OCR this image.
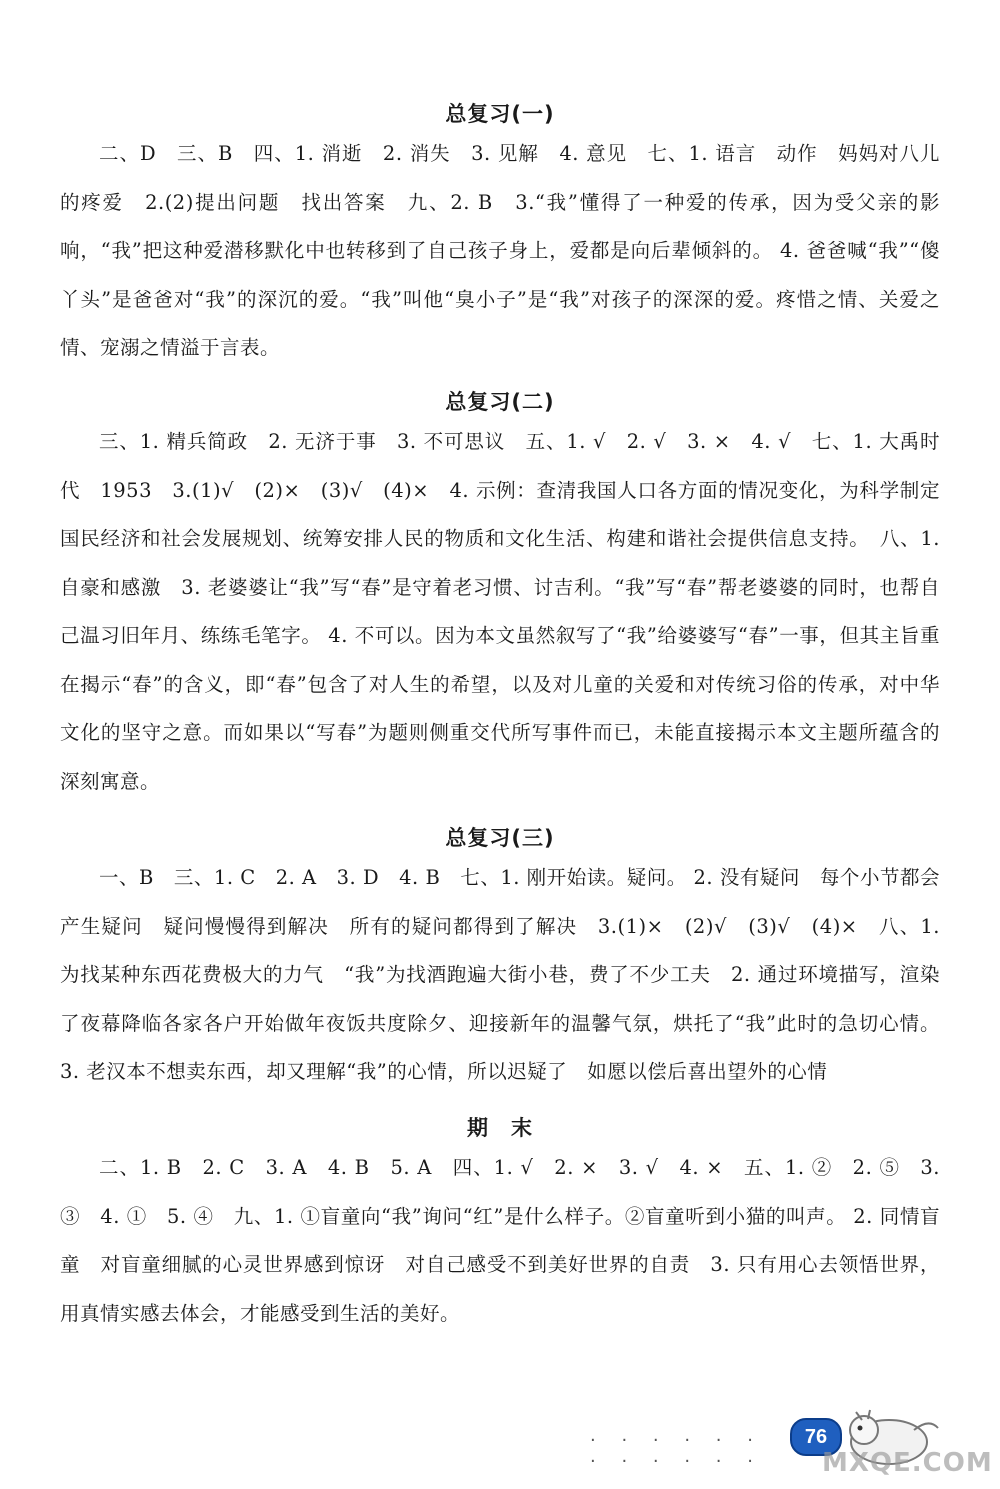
总复习(一)

二、D　三、B　四、1. 消逝　2. 消失　3. 见解　4. 意见　七、1. 语言　动作　妈妈对八儿的疼爱　2.(2)提出问题　找出答案　九、2. B　3.“我”懂得了一种爱的传承，因为受父亲的影响，“我”把这种爱潜移默化中也转移到了自己孩子身上，爱都是向后辈倾斜的。 4. 爸爸喊“我”“傻丫头”是爸爸对“我”的深沉的爱。“我”叫他“臭小子”是“我”对孩子的深深的爱。疼惜之情、关爱之情、宠溺之情溢于言表。

总复习(二)

三、1. 精兵简政　2. 无济于事　3. 不可思议　五、1. √　2. √　3. ×　4. √　七、1. 大禹时代　1953　3.(1)√　(2)×　(3)√　(4)×　4. 示例：查清我国人口各方面的情况变化，为科学制定国民经济和社会发展规划、统筹安排人民的物质和文化生活、构建和谐社会提供信息支持。　八、1. 自豪和感激　3. 老婆婆让“我”写“春”是守着老习惯、讨吉利。“我”写“春”帮老婆婆的同时，也帮自己温习旧年月、练练毛笔字。 4. 不可以。因为本文虽然叙写了“我”给婆婆写“春”一事，但其主旨重在揭示“春”的含义，即“春”包含了对人生的希望，以及对儿童的关爱和对传统习俗的传承，对中华文化的坚守之意。而如果以“写春”为题则侧重交代所写事件而已，未能直接揭示本文主题所蕴含的深刻寓意。

总复习(三)

一、B　三、1. C　2. A　3. D　4. B　七、1. 刚开始读。疑问。 2. 没有疑问　每个小节都会产生疑问　疑问慢慢得到解决　所有的疑问都得到了解决　3.(1)×　(2)√　(3)√　(4)×　八、1. 为找某种东西花费极大的力气　“我”为找酒跑遍大街小巷，费了不少工夫　2. 通过环境描写，渲染了夜幕降临各家各户开始做年夜饭共度除夕、迎接新年的温馨气氛，烘托了“我”此时的急切心情。 3. 老汉本不想卖东西，却又理解“我”的心情，所以迟疑了　如愿以偿后喜出望外的心情

期　末

二、1. B　2. C　3. A　4. B　5. A　四、1. √　2. ×　3. √　4. ×　五、1. ②　2. ⑤　3. ③　4. ①　5. ④　九、1. ①盲童向“我”询问“红”是什么样子。②盲童听到小猫的叫声。 2. 同情盲童　对盲童细腻的心灵世界感到惊讶　对自己感受不到美好世界的自责　3. 只有用心去领悟世界，用真情实感去体会，才能感受到生活的美好。

· · · · · · · · · · · ·
76
MXQE.COM
